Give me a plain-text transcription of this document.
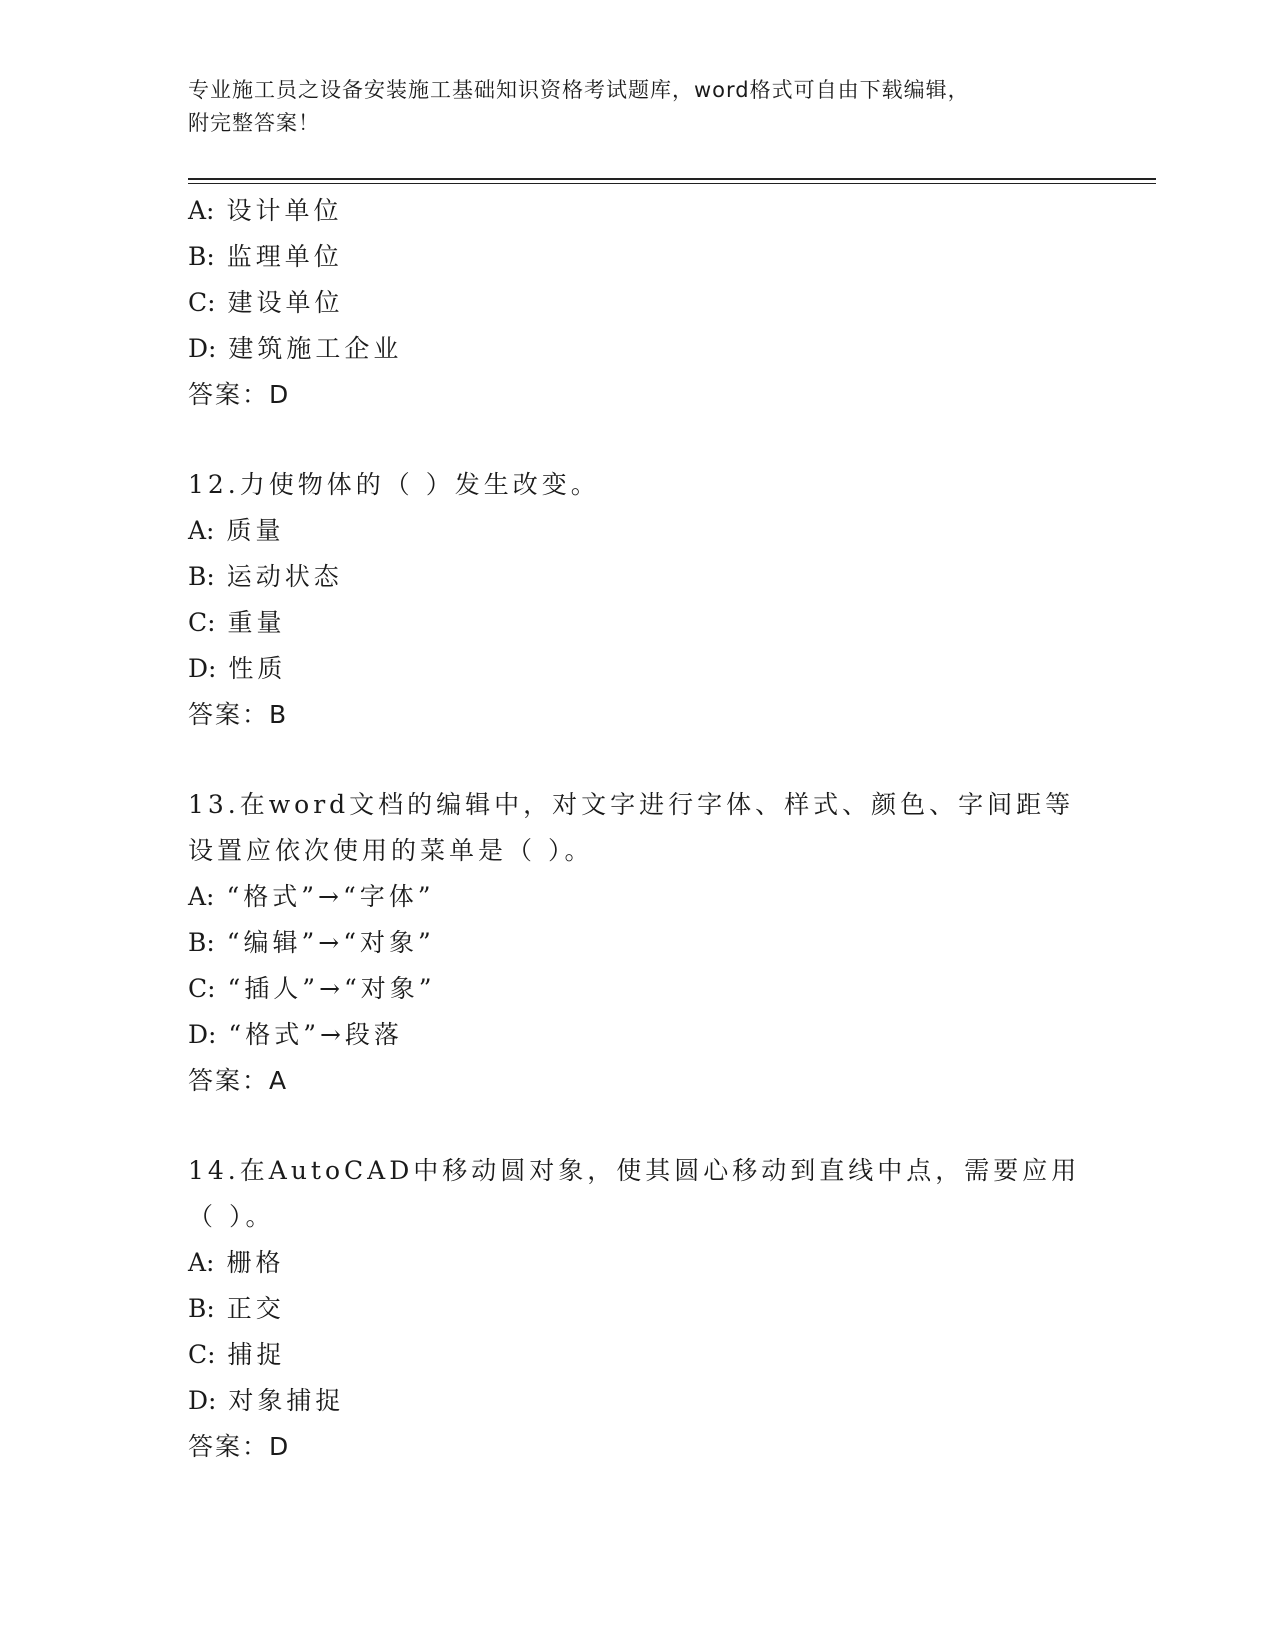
专业施工员之设备安装施工基础知识资格考试题库，word格式可自由下载编辑，
附完整答案！
A: 设计单位
B: 监理单位
C: 建设单位
D: 建筑施工企业
答案：D
12.力使物体的（ ）发生改变。
A: 质量
B: 运动状态
C: 重量
D: 性质
答案：B
13.在word文档的编辑中，对文字进行字体、样式、颜色、字间距等设置应依次使用的菜单是（ ）。
A: “格式”→“字体”
B: “编辑”→“对象”
C: “插人”→“对象”
D: “格式”→段落
答案：A
14.在AutoCAD中移动圆对象，使其圆心移动到直线中点，需要应用（ ）。
A: 栅格
B: 正交
C: 捕捉
D: 对象捕捉
答案：D
